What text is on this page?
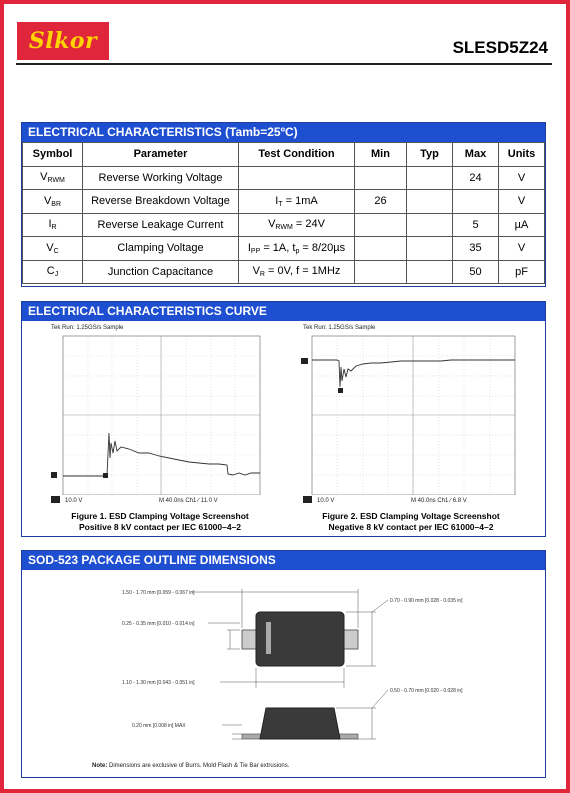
Slkor	SLESD5Z24
ELECTRICAL CHARACTERISTICS (Tamb=25ºC)
Symbol	Parameter	Test Condition	Min	Typ	Max	Units
$V_{RWM}$	Reverse Working Voltage				24	V
$V_{BR}$	Reverse Breakdown Voltage	$I_T = 1mA$	26			V
$I_R$	Reverse Leakage Current	$V_{RWM} = 24V$			5	µA
$V_C$	Clamping Voltage	$I_{PP} = 1A$, $t_p = 8/20\mu s$			35	V
$C_J$	Junction Capacitance	$V_R = 0V$, f = 1MHz			50	pF
ELECTRICAL CHARACTERISTICS CURVE
Tek Run: 1.25GS/s Sample
10.0 V	M 40.0ns Ch1 ∕ 11.0 V
Tek Run: 1.25GS/s Sample
10.0 V	M 40.0ns Ch1 ∕ 6.8 V
Figure 1. ESD Clamping Voltage Screenshot
Positive 8 kV contact per IEC 61000–4–2
Figure 2. ESD Clamping Voltage Screenshot
Negative 8 kV contact per IEC 61000–4–2
SOD-523 PACKAGE OUTLINE DIMENSIONS
1.50 - 1.70 mm [0.059 - 0.067 in]
0.25 - 0.35 mm [0.010 - 0.014 in]
1.10 - 1.30 mm [0.043 - 0.051 in]
0.70 - 0.90 mm [0.028 - 0.035 in]
0.50 - 0.70 mm [0.020 - 0.028 in]
0.20 mm [0.008 in] MAX
Note: Dimensions are exclusive of Burrs. Mold Flash & Tie Bar extrusions.
